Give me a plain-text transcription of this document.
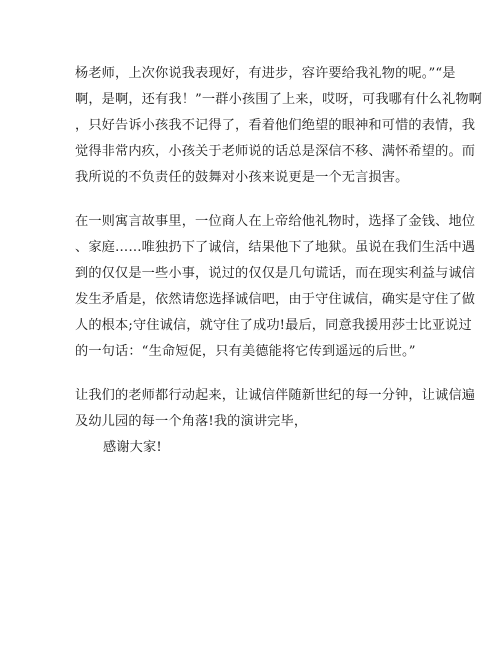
杨老师，上次你说我表现好，有进步，容许要给我礼物的呢。”“是
啊，是啊，还有我！”一群小孩围了上来，哎呀，可我哪有什么礼物啊
，只好告诉小孩我不记得了，看着他们绝望的眼神和可惜的表情，我
觉得非常内疚，小孩关于老师说的话总是深信不移、满怀希望的。而
我所说的不负责任的鼓舞对小孩来说更是一个无言损害。
在一则寓言故事里，一位商人在上帝给他礼物时，选择了金钱、地位
、家庭……唯独扔下了诚信，结果他下了地狱。虽说在我们生活中遇
到的仅仅是一些小事，说过的仅仅是几句谎话，而在现实利益与诚信
发生矛盾是，依然请您选择诚信吧，由于守住诚信，确实是守住了做
人的根本;守住诚信，就守住了成功!最后，同意我援用莎士比亚说过
的一句话：“生命短促，只有美德能将它传到遥远的后世。”
让我们的老师都行动起来，让诚信伴随新世纪的每一分钟，让诚信遍
及幼儿园的每一个角落!我的演讲完毕，
感谢大家!
